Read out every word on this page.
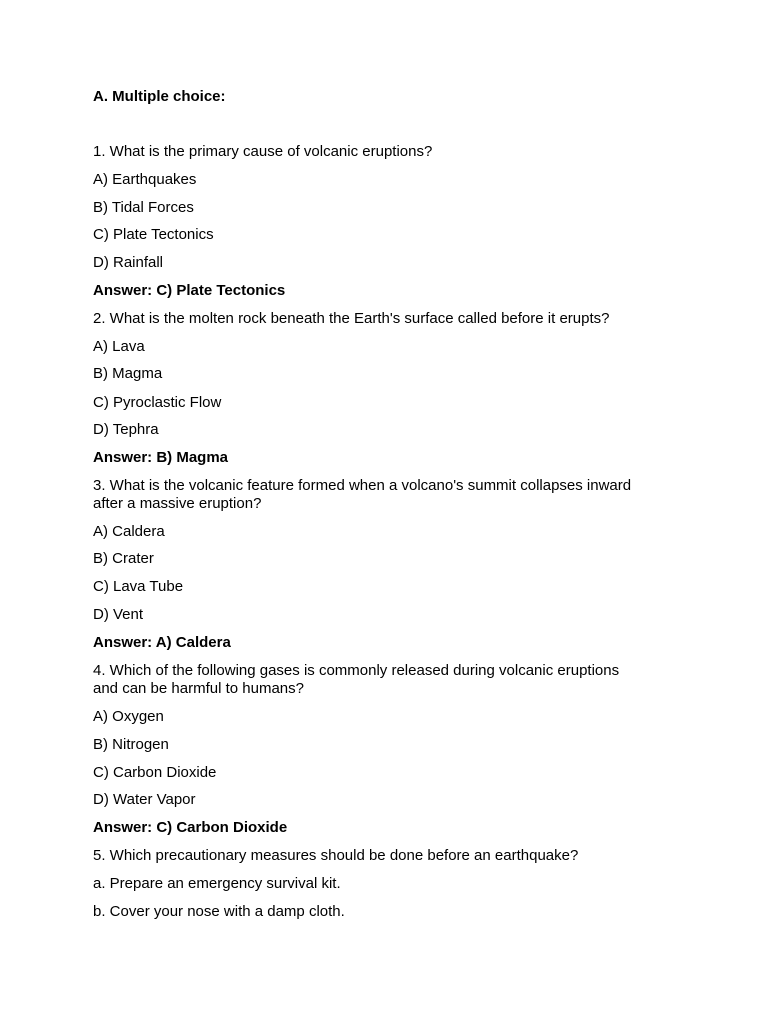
A. Multiple choice:
1. What is the primary cause of volcanic eruptions?
A) Earthquakes
B) Tidal Forces
C) Plate Tectonics
D) Rainfall
Answer: C) Plate Tectonics
2. What is the molten rock beneath the Earth's surface called before it erupts?
A) Lava
B) Magma
C) Pyroclastic Flow
D) Tephra
Answer: B) Magma
3. What is the volcanic feature formed when a volcano's summit collapses inward
after a massive eruption?
A) Caldera
B) Crater
C) Lava Tube
D) Vent
Answer: A) Caldera
4. Which of the following gases is commonly released during volcanic eruptions
and can be harmful to humans?
A) Oxygen
B) Nitrogen
C) Carbon Dioxide
D) Water Vapor
Answer: C) Carbon Dioxide
5. Which precautionary measures should be done before an earthquake?
a. Prepare an emergency survival kit.
b. Cover your nose with a damp cloth.
